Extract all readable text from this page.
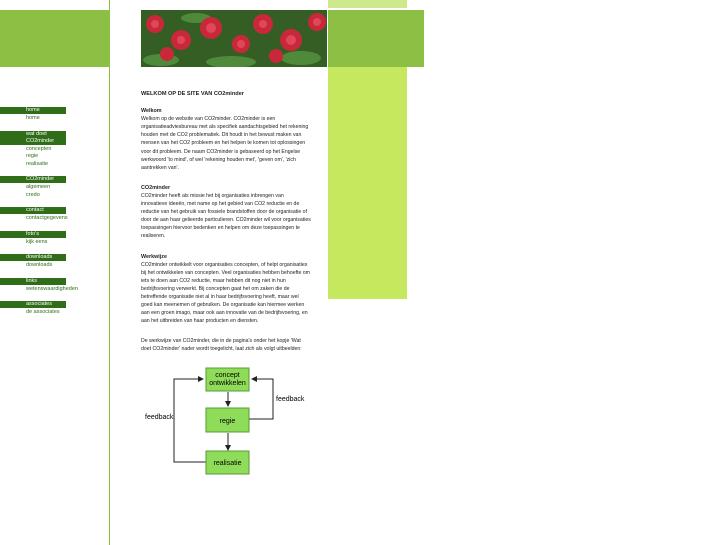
home
home
wat doet CO2minder
concepten
regie
realisatie
CO2minder
algemeen
credo
contact
contactgegevens
foto's
kijk eens
downloads
downloads
links
wetenswaardigheden
associates
de associates
WELKOM OP DE SITE VAN CO2minder
Welkom

Welkom op de website van CO2minder. CO2minder is een organisatieadviesbureau met als specifiek aandachtsgebied het rekening houden met de CO2 problematiek. Dit houdt in het bewust maken van mensen van het CO2 probleem en het helpen te komen tot oplossingen voor dit probleem. De naam CO2minder is gebaseerd op het Engelse werkwoord 'to mind', of wel 'rekening houden met', 'geven om', 'zich aantrekken van'.

CO2minder

CO2minder heeft als missie het bij organisaties inbrengen van innovatieve ideeën, met name op het gebied van CO2 reductie en de reductie van het gebruik van fossiele brandstoffen door de organisatie of door de aan haar gelieerde particulieren. CO2minder wil voor organisaties toepassingen hiervoor bedenken en helpen om deze toepassingen te realiseren.

Werkwijze

CO2minder ontwikkelt voor organisaties concepten, of helpt organisaties bij het ontwikkelen van concepten. Veel organisaties hebben behoefte om iets te doen aan CO2 reductie, maar hebben dit nog niet in hun bedrijfsvoering verwerkt. Bij concepten gaat het om zaken die de betreffende organisatie niet al in haar bedrijfsvoering heeft, maar wel goed kan meenemen of gebruiken. De organisatie kan hiermee werken aan een groen imago, maar ook aan innovatie van de bedrijfsvoering, en aan het uitbreiden van haar producten en diensten.

De werkwijze van CO2minder, die in de pagina's onder het kopje 'Wat doet CO2minder' nader wordt toegelicht, laat zich als volgt uitbeelden:

concept
ontwikkelen
regie
realisatie
feedback
feedback
